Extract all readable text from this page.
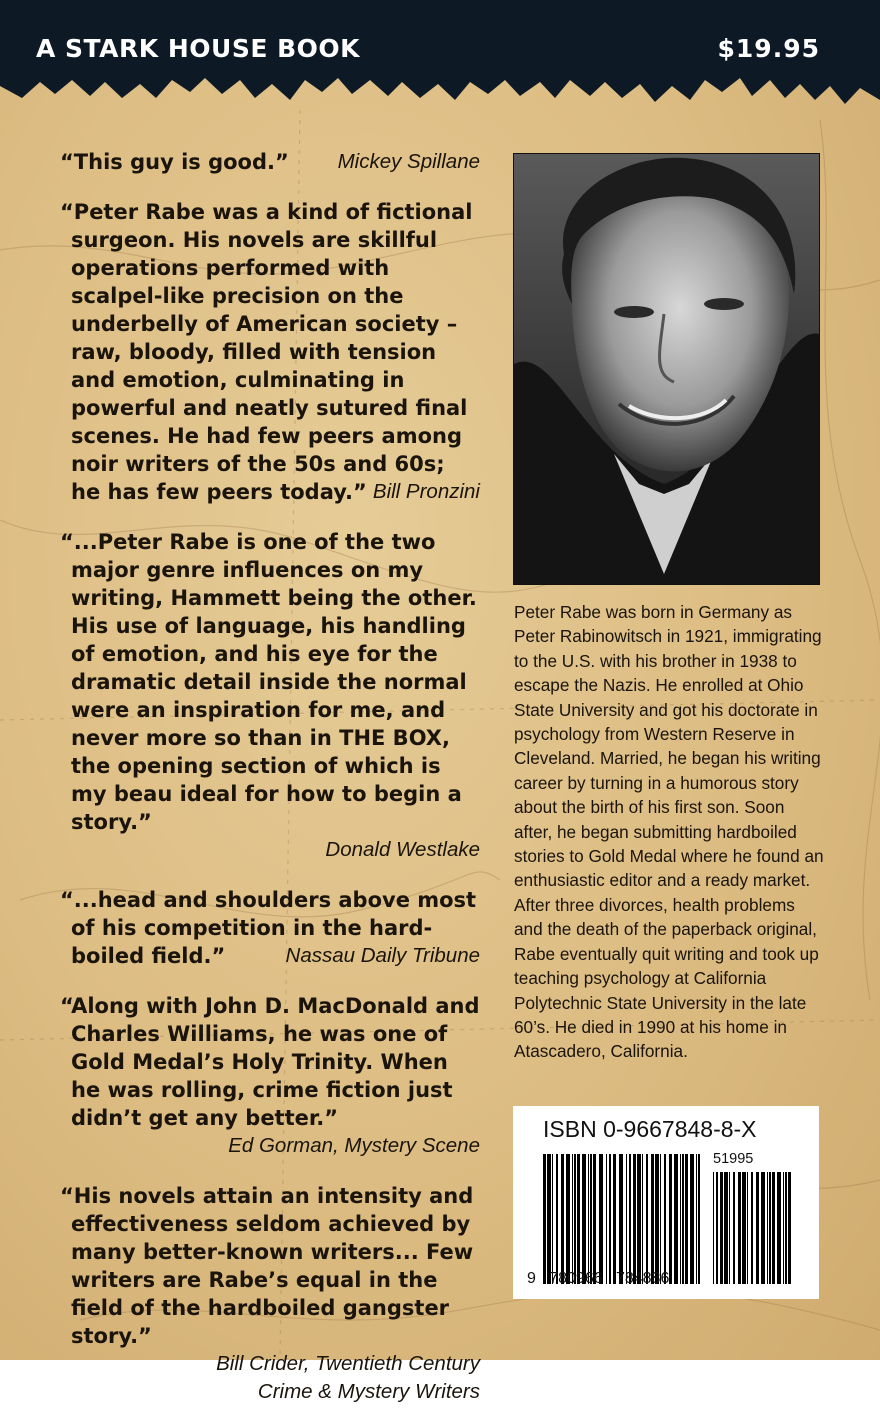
A STARK HOUSE BOOK	$19.95
“This guy is good.” Mickey Spillane
“Peter Rabe was a kind of fictional surgeon. His novels are skillful operations performed with scalpel-like precision on the underbelly of American society – raw, bloody, filled with tension and emotion, culminating in powerful and neatly sutured final scenes. He had few peers among noir writers of the 50s and 60s; he has few peers today.” Bill Pronzini
“...Peter Rabe is one of the two major genre influences on my writing, Hammett being the other. His use of language, his handling of emotion, and his eye for the dramatic detail inside the normal were an inspiration for me, and never more so than in THE BOX, the opening section of which is my beau ideal for how to begin a story.”
Donald Westlake
“...head and shoulders above most of his competition in the hard-boiled field.”	Nassau Daily Tribune
“Along with John D. MacDonald and Charles Williams, he was one of Gold Medal’s Holy Trinity. When he was rolling, crime fiction just didn’t get any better.”
Ed Gorman, Mystery Scene
“His novels attain an intensity and effectiveness seldom achieved by many better-known writers... Few writers are Rabe’s equal in the field of the hardboiled gangster story.”
Bill Crider, Twentieth Century
Crime & Mystery Writers
Peter Rabe was born in Germany as Peter Rabinowitsch in 1921, immigrating to the U.S. with his brother in 1938 to escape the Nazis. He enrolled at Ohio State University and got his doctorate in psychology from Western Reserve in Cleveland. Married, he began his writing career by turning in a humorous story about the birth of his first son. Soon after, he began submitting hardboiled stories to Gold Medal where he found an enthusiastic editor and a ready market. After three divorces, health problems and the death of the paperback original, Rabe eventually quit writing and took up teaching psychology at California Polytechnic State University in the late 60’s. He died in 1990 at his home in Atascadero, California.
ISBN 0-9667848-8-X
51995
9   780966   784886
